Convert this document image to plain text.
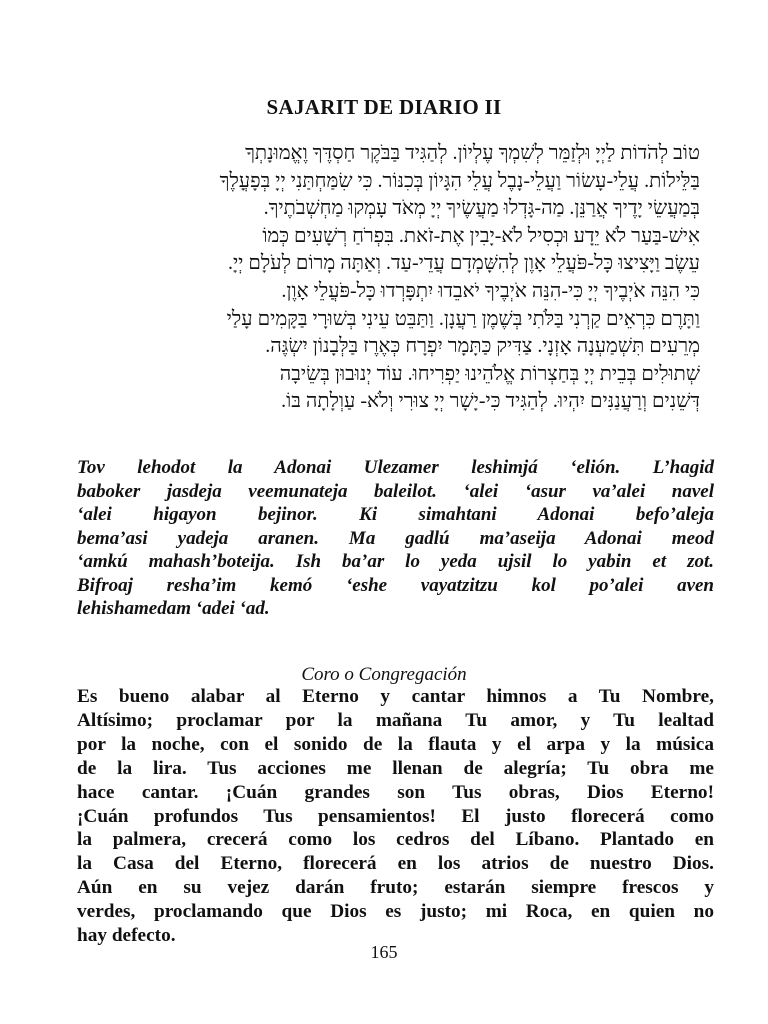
SAJARIT DE DIARIO II
טוֹב לְהֹדוֹת לַיְיָ וּלְזַמֵּר לְשִׁמְךָ עֶלְיוֹן. לְהַגִּיד בַּבֹּקֶר חַסְדֶּךָ וֶאֱמוּנָתְךָ
בַּלֵּילוֹת. עֲלֵי-עָשׂוֹר וַעֲלֵי-נָבֶל עֲלֵי הִגָּיוֹן בְּכִנּוֹר. כִּי שִׂמַּחְתַּנִי יְיָ בְּפָעֳלֶךָ
בְּמַעֲשֵׂי יָדֶיךָ אֲרַנֵּן. מַה-גָּדְלוּ מַעֲשֶׂיךָ יְיָ מְאֹד עָמְקוּ מַחְשְׁבֹתֶיךָ.
אִישׁ-בַּעַר לֹא יֵדָע וּכְסִיל לֹא-יָבִין אֶת-זֹאת. בִּפְרֹחַ רְשָׁעִים כְּמוֹ
עֵשֶׂב וַיָּצִיצוּ כָּל-פֹּעֲלֵי אָוֶן לְהִשָּׁמְדָם עֲדֵי-עַד. וְאַתָּה מָרוֹם לְעֹלָם יְיָ.
כִּי הִנֵּה אֹיְבֶיךָ יְיָ כִּי-הִנֵּה אֹיְבֶיךָ יֹאבֵדוּ יִתְפָּרְדוּ כָּל-פֹּעֲלֵי אָוֶן.
וַתָּרֶם כִּרְאֵים קַרְנִי בַּלֹּתִי בְּשֶׁמֶן רַעֲנָן. וַתַּבֵּט עֵינִי בְּשׁוּרָי בַּקָּמִים עָלַי
מְרֵעִים תִּשְׁמַעְנָה אָזְנָי. צַדִּיק כַּתָּמָר יִפְרָח כְּאֶרֶז בַּלְּבָנוֹן יִשְׂגֶּה.
שְׁתוּלִים בְּבֵית יְיָ בְּחַצְרוֹת אֱלֹהֵינוּ יַפְרִיחוּ. עוֹד יְנוּבוּן בְּשֵׂיבָה
דְּשֵׁנִים וְרַעֲנַנִּים יִהְיוּ. לְהַגִּיד כִּי-יָשָׁר יְיָ צוּרִי וְלֹא- עַוְלָתָה בּוֹ.
Tov lehodot la Adonai Ulezamer leshimjá ‘elión. L’hagid
baboker jasdeja veemunateja baleilot. ‘alei ‘asur va’alei navel
‘alei higayon bejinor. Ki simahtani Adonai befo’aleja
bema’asi yadeja aranen. Ma gadlú ma’aseija Adonai meod
‘amkú mahash’boteija. Ish ba’ar lo yeda ujsil lo yabin et zot.
Bifroaj resha’im kemó ‘eshe vayatzitzu kol po’alei aven
lehishamedam ‘adei ‘ad.
Coro o Congregación
Es bueno alabar al Eterno y cantar himnos a Tu Nombre,
Altísimo; proclamar por la mañana Tu amor, y Tu lealtad
por la noche, con el sonido de la flauta y el arpa y la música
de la lira. Tus acciones me llenan de alegría; Tu obra me
hace cantar. ¡Cuán grandes son Tus obras, Dios Eterno!
¡Cuán profundos Tus pensamientos! El justo florecerá como
la palmera, crecerá como los cedros del Líbano. Plantado en
la Casa del Eterno, florecerá en los atrios de nuestro Dios.
Aún en su vejez darán fruto; estarán siempre frescos y
verdes, proclamando que Dios es justo; mi Roca, en quien no
hay defecto.
165
